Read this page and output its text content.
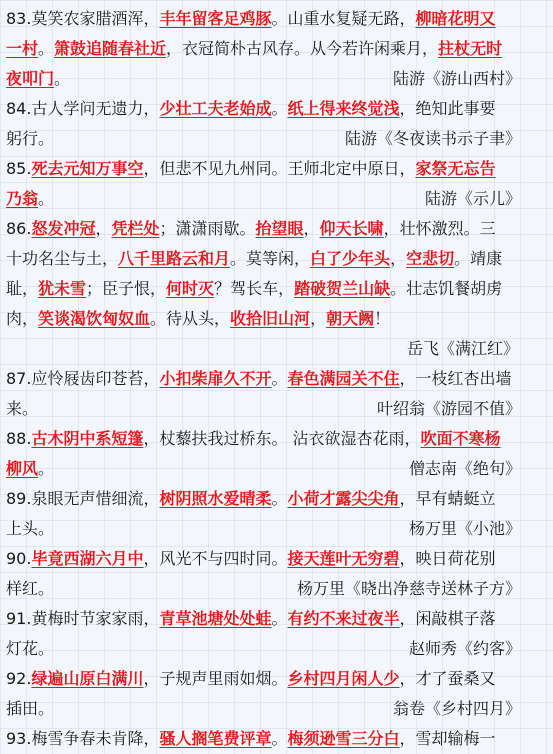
83.莫笑农家腊酒浑，丰年留客足鸡豚。山重水复疑无路，柳暗花明又
一村。箫鼓追随春社近，衣冠简朴古风存。从今若许闲乘月，拄杖无时
夜叩门。	陆游《游山西村》
84.古人学问无遗力，少壮工夫老始成。纸上得来终觉浅，绝知此事要
躬行。	陆游《冬夜读书示子聿》
85.死去元知万事空，但悲不见九州同。王师北定中原日，家祭无忘告
乃翁。	陆游《示儿》
86.怒发冲冠，凭栏处；潇潇雨歇。抬望眼，仰天长啸，壮怀激烈。三
十功名尘与土，八千里路云和月。莫等闲，白了少年头，空悲切。靖康
耻，犹未雪；臣子恨，何时灭？驾长车，踏破贺兰山缺。壮志饥餐胡虏
肉，笑谈渴饮匈奴血。待从头，收拾旧山河，朝天阙！
岳飞《满江红》
87.应怜屐齿印苍苔，小扣柴扉久不开。春色满园关不住，一枝红杏出墙
来。	叶绍翁《游园不值》
88.古木阴中系短篷，杖藜扶我过桥东。 沾衣欲湿杏花雨，吹面不寒杨
柳风。	僧志南《绝句》
89.泉眼无声惜细流，树阴照水爱晴柔。小荷才露尖尖角，早有蜻蜓立
上头。	杨万里《小池》
90.毕竟西湖六月中，风光不与四时同。接天莲叶无穷碧，映日荷花别
样红。	杨万里《晓出净慈寺送林子方》
91.黄梅时节家家雨，青草池塘处处蛙。有约不来过夜半，闲敲棋子落
灯花。	赵师秀《约客》
92.绿遍山原白满川，子规声里雨如烟。乡村四月闲人少，才了蚕桑又
插田。	翁卷《乡村四月》
93.梅雪争春未肯降，骚人搁笔费评章。梅须逊雪三分白，雪却输梅一
